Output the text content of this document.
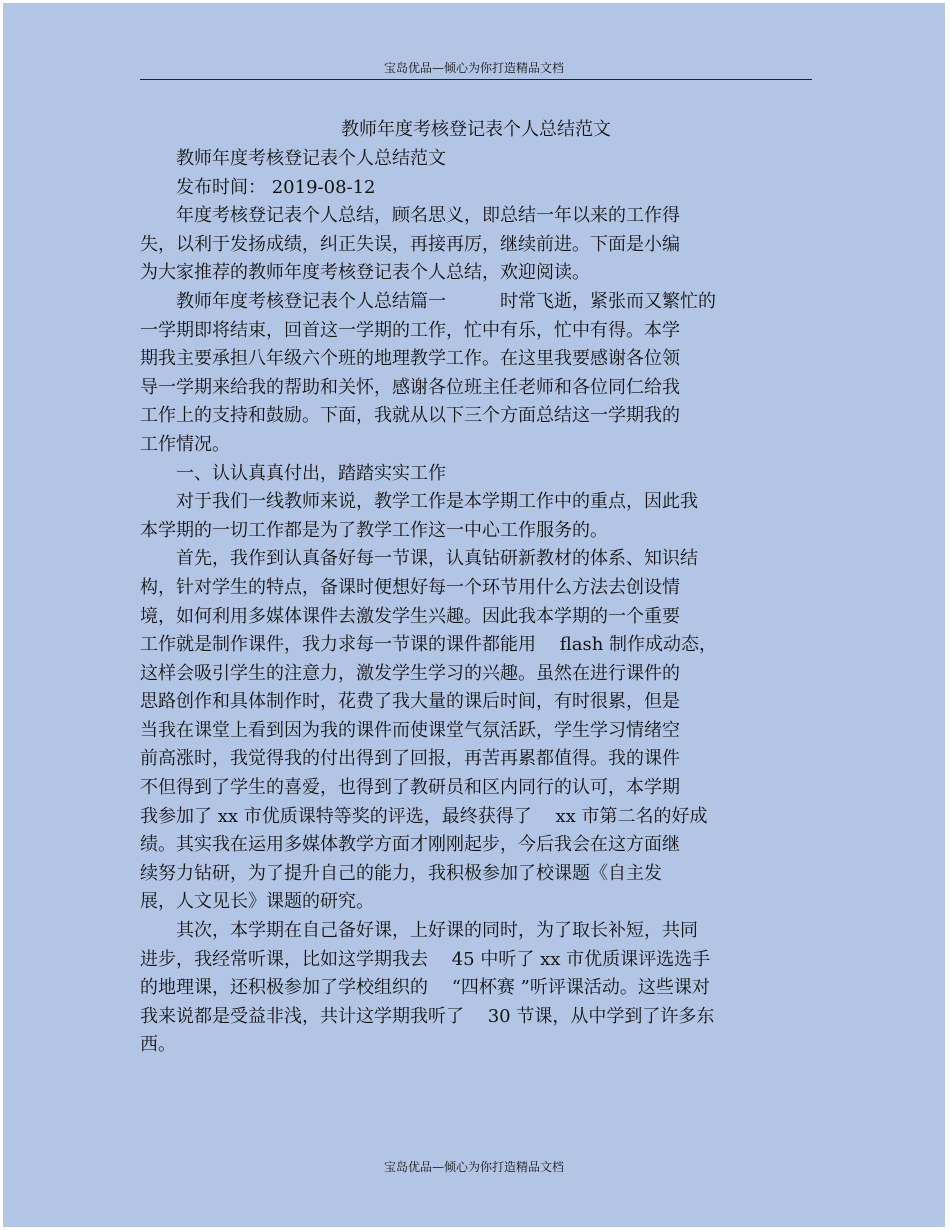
宝岛优品—倾心为你打造精品文档
教师年度考核登记表个人总结范文

教师年度考核登记表个人总结范文

发布时间： 2019-08-12

年度考核登记表个人总结，顾名思义，即总结一年以来的工作得
失，以利于发扬成绩，纠正失误，再接再厉，继续前进。下面是小编
为大家推荐的教师年度考核登记表个人总结，欢迎阅读。

教师年度考核登记表个人总结篇一　　　时常飞逝，紧张而又繁忙的
一学期即将结束，回首这一学期的工作，忙中有乐，忙中有得。本学
期我主要承担八年级六个班的地理教学工作。在这里我要感谢各位领
导一学期来给我的帮助和关怀，感谢各位班主任老师和各位同仁给我
工作上的支持和鼓励。下面，我就从以下三个方面总结这一学期我的
工作情况。

一、认认真真付出，踏踏实实工作

对于我们一线教师来说，教学工作是本学期工作中的重点，因此我
本学期的一切工作都是为了教学工作这一中心工作服务的。

首先，我作到认真备好每一节课，认真钻研新教材的体系、知识结
构，针对学生的特点，备课时便想好每一个环节用什么方法去创设情
境，如何利用多媒体课件去激发学生兴趣。因此我本学期的一个重要
工作就是制作课件，我力求每一节课的课件都能用　 flash 制作成动态，
这样会吸引学生的注意力，激发学生学习的兴趣。虽然在进行课件的
思路创作和具体制作时，花费了我大量的课后时间，有时很累，但是
当我在课堂上看到因为我的课件而使课堂气氛活跃，学生学习情绪空
前高涨时，我觉得我的付出得到了回报，再苦再累都值得。我的课件
不但得到了学生的喜爱，也得到了教研员和区内同行的认可，本学期
我参加了 xx 市优质课特等奖的评选，最终获得了　 xx 市第二名的好成
绩。其实我在运用多媒体教学方面才刚刚起步，今后我会在这方面继
续努力钻研，为了提升自己的能力，我积极参加了校课题《自主发
展，人文见长》课题的研究。

其次，本学期在自己备好课，上好课的同时，为了取长补短，共同
进步，我经常听课，比如这学期我去　 45 中听了 xx 市优质课评选选手
的地理课，还积极参加了学校组织的　 “四杯赛 ”听评课活动。这些课对
我来说都是受益非浅，共计这学期我听了　 30 节课，从中学到了许多东
西。

宝岛优品—倾心为你打造精品文档
